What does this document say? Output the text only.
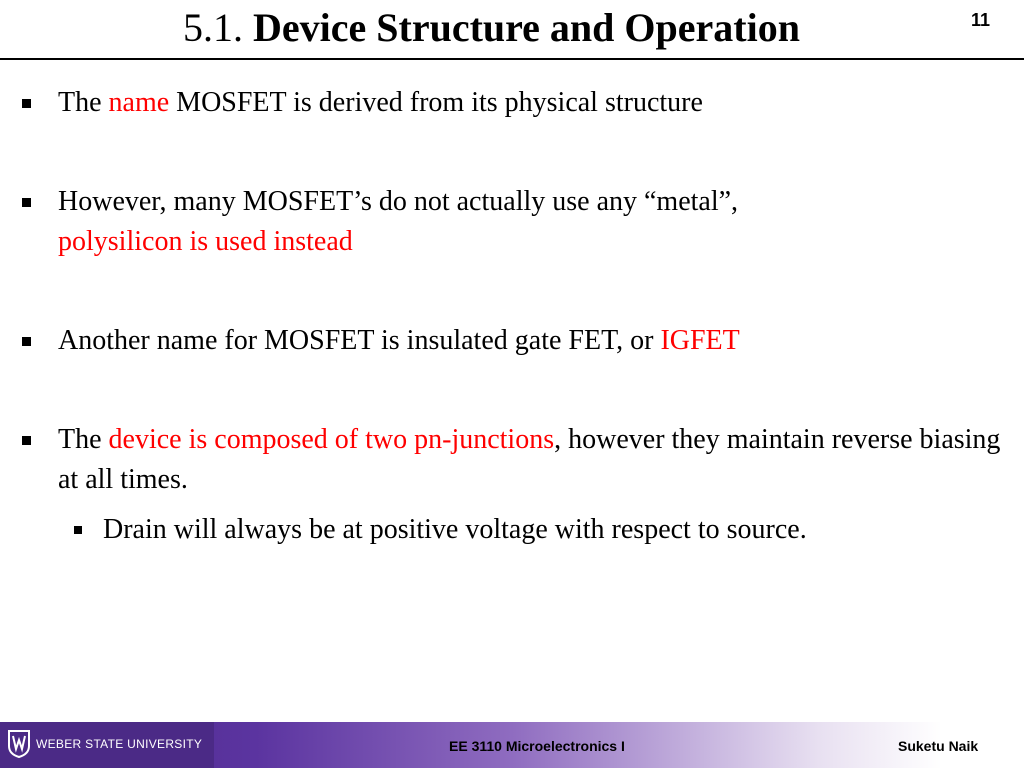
5.1. Device Structure and Operation	11
The name MOSFET is derived from its physical structure
However, many MOSFET’s do not actually use any “metal”,
polysilicon is used instead
Another name for MOSFET is insulated gate FET, or IGFET
The device is composed of two pn-junctions, however they maintain reverse biasing at all times.
Drain will always be at positive voltage with respect to source.
WEBER STATE UNIVERSITY	EE 3110 Microelectronics I	Suketu Naik
